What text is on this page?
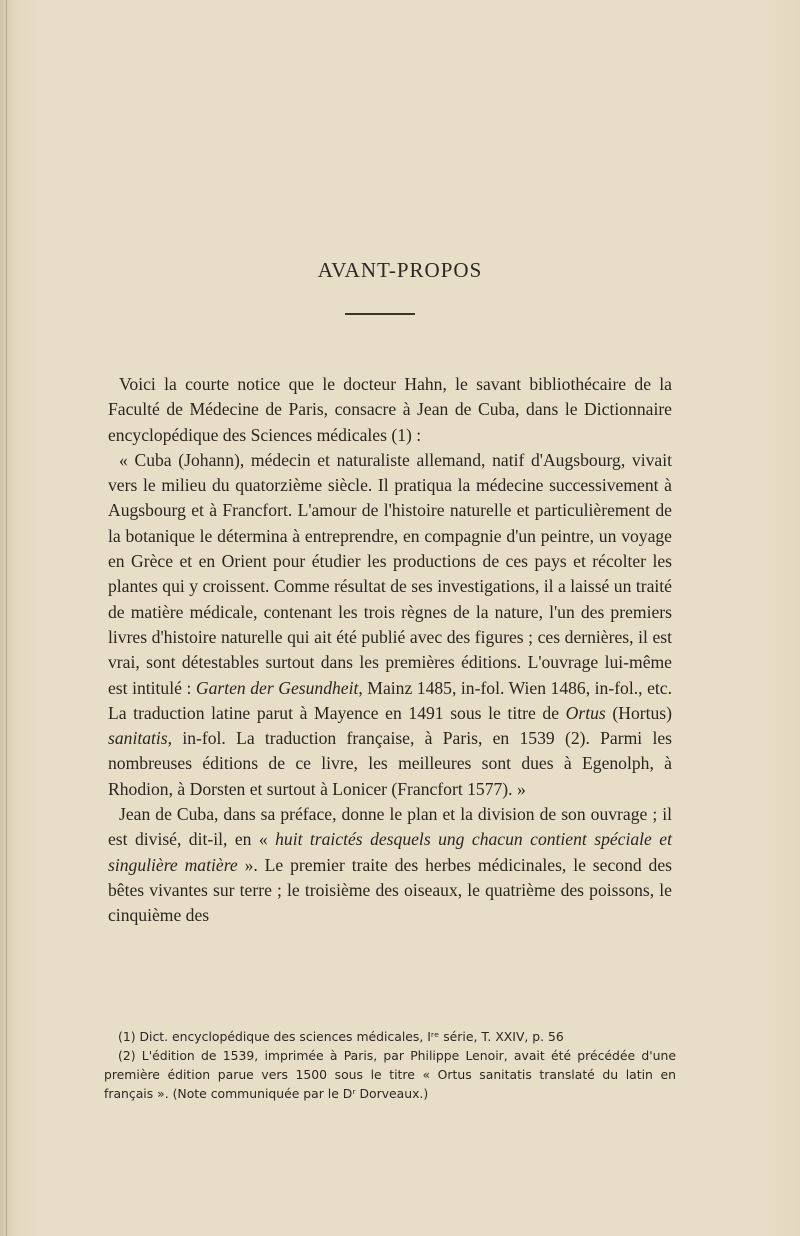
AVANT-PROPOS

Voici la courte notice que le docteur Hahn, le savant bibliothécaire de la Faculté de Médecine de Paris, consacre à Jean de Cuba, dans le Dictionnaire encyclopédique des Sciences médicales (1) :

« Cuba (Johann), médecin et naturaliste allemand, natif d'Augsbourg, vivait vers le milieu du quatorzième siècle. Il pratiqua la médecine successivement à Augsbourg et à Francfort. L'amour de l'histoire naturelle et particulièrement de la botanique le détermina à entreprendre, en compagnie d'un peintre, un voyage en Grèce et en Orient pour étudier les productions de ces pays et récolter les plantes qui y croissent. Comme résultat de ses investigations, il a laissé un traité de matière médicale, contenant les trois règnes de la nature, l'un des premiers livres d'histoire naturelle qui ait été publié avec des figures ; ces dernières, il est vrai, sont détestables surtout dans les premières éditions. L'ouvrage lui-même est intitulé : Garten der Gesundheit, Mainz 1485, in-fol. Wien 1486, in-fol., etc. La traduction latine parut à Mayence en 1491 sous le titre de Ortus (Hortus) sanitatis, in-fol. La traduction française, à Paris, en 1539 (2). Parmi les nombreuses éditions de ce livre, les meilleures sont dues à Egenolph, à Rhodion, à Dorsten et surtout à Lonicer (Francfort 1577). »

Jean de Cuba, dans sa préface, donne le plan et la division de son ouvrage ; il est divisé, dit-il, en « huit traictés desquels ung chacun contient spéciale et singulière matière ». Le premier traite des herbes médicinales, le second des bêtes vivantes sur terre ; le troisième des oiseaux, le quatrième des poissons, le cinquième des

(1) Dict. encyclopédique des sciences médicales, Iʳᵉ série, T. XXIV, p. 56

(2) L'édition de 1539, imprimée à Paris, par Philippe Lenoir, avait été précédée d'une première édition parue vers 1500 sous le titre « Ortus sanitatis translaté du latin en français ». (Note communiquée par le Dʳ Dorveaux.)
